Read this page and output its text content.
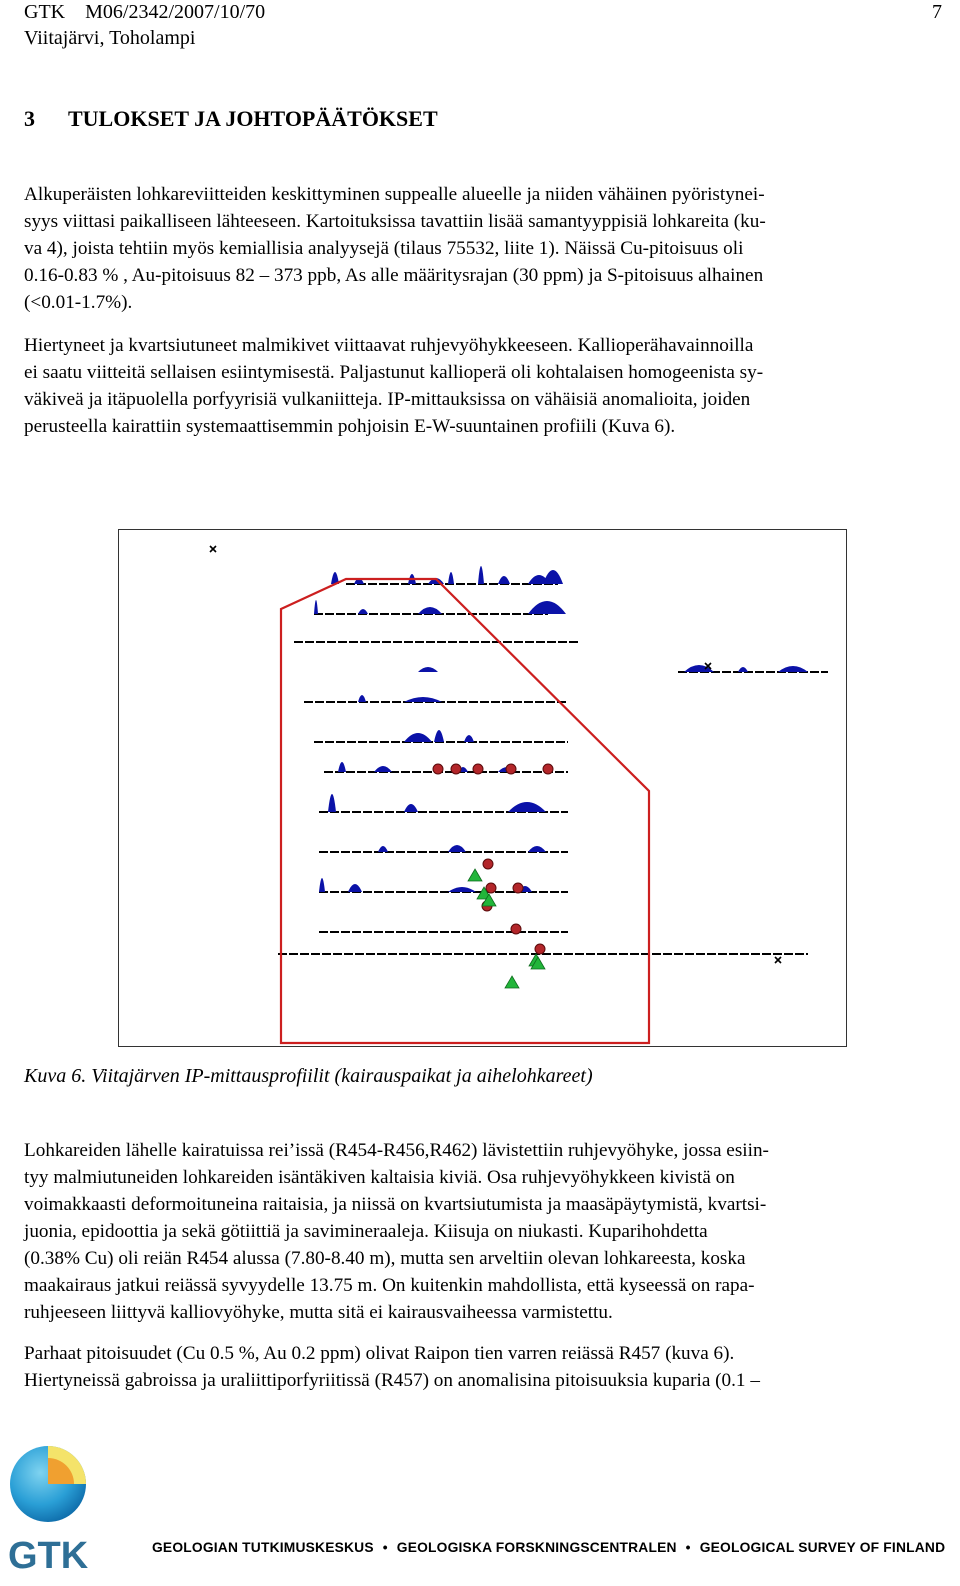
GTK M06/2342/2007/10/70
Viitajärvi, Toholampi
7
3 TULOKSET JA JOHTOPÄÄTÖKSET

Alkuperäisten lohkareviitteiden keskittyminen suppealle alueelle ja niiden vähäinen pyöristynei-
syys viittasi paikalliseen lähteeseen. Kartoituksissa tavattiin lisää samantyyppisiä lohkareita (ku-
va 4), joista tehtiin myös kemiallisia analyysejä (tilaus 75532, liite 1). Näissä Cu-pitoisuus oli
0.16-0.83 % , Au-pitoisuus 82 – 373 ppb, As alle määritysrajan (30 ppm) ja S-pitoisuus alhainen
(<0.01-1.7%).

Hiertyneet ja kvartsiutuneet malmikivet viittaavat ruhjevyöhykkeeseen. Kallioperähavainnoilla
ei saatu viitteitä sellaisen esiintymisestä. Paljastunut kallioperä oli kohtalaisen homogeenista sy-
väkiveä ja itäpuolella porfyyrisiä vulkaniitteja. IP-mittauksissa on vähäisiä anomalioita, joiden
perusteella kairattiin systemaattisemmin pohjoisin E-W-suuntainen profiili (Kuva 6).

Kuva 6. Viitajärven IP-mittausprofiilit (kairauspaikat ja aihelohkareet)

Lohkareiden lähelle kairatuissa rei’issä (R454-R456,R462) lävistettiin ruhjevyöhyke, jossa esiin-
tyy malmiutuneiden lohkareiden isäntäkiven kaltaisia kiviä. Osa ruhjevyöhykkeen kivistä on
voimakkaasti deformoituneina raitaisia, ja niissä on kvartsiutumista ja maasäpäytymistä, kvartsi-
juonia, epidoottia ja sekä götiittiä ja savimineraaleja. Kiisuja on niukasti. Kuparihohdetta
(0.38% Cu) oli reiän R454 alussa (7.80-8.40 m), mutta sen arveltiin olevan lohkareesta, koska
maakairaus jatkui reiässä syvyydelle 13.75 m. On kuitenkin mahdollista, että kyseessä on rapa-
ruhjeeseen liittyvä kalliovyöhyke, mutta sitä ei kairausvaiheessa varmistettu.

Parhaat pitoisuudet (Cu 0.5 %, Au 0.2 ppm) olivat Raipon tien varren reiässä R457 (kuva 6).
Hiertyneissä gabroissa ja uraliittiporfyriitissä (R457) on anomalisina pitoisuuksia kuparia (0.1 –

GTK	GEOLOGIAN TUTKIMUSKESKUS • GEOLOGISKA FORSKNINGSCENTRALEN • GEOLOGICAL SURVEY OF FINLAND
